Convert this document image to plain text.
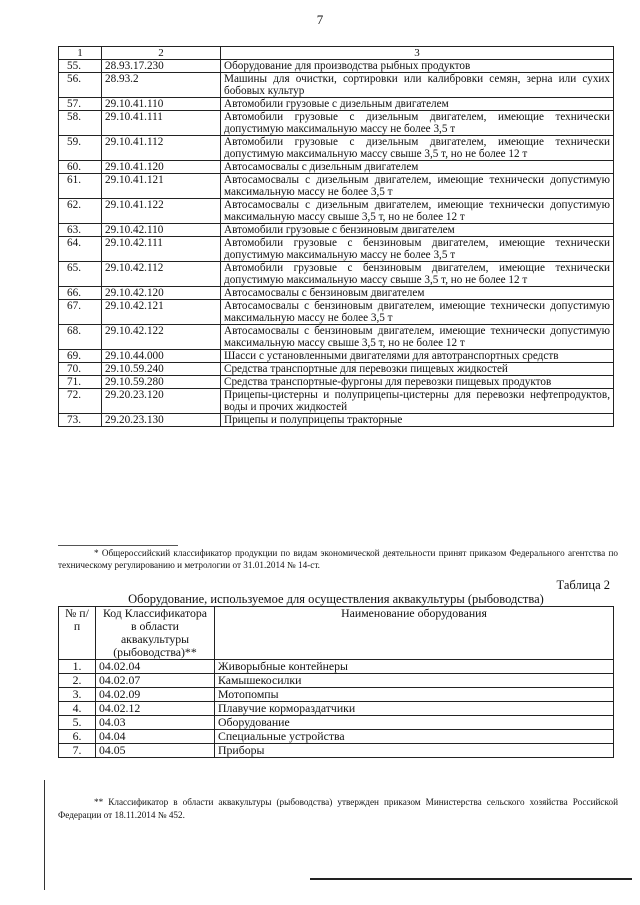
7
1	2	3
55.	28.93.17.230	Оборудование для производства рыбных продуктов
56.	28.93.2	Машины для очистки, сортировки или калибровки семян, зерна или сухих бобовых культур
57.	29.10.41.110	Автомобили грузовые с дизельным двигателем
58.	29.10.41.111	Автомобили грузовые с дизельным двигателем, имеющие технически допустимую максимальную массу не более 3,5 т
59.	29.10.41.112	Автомобили грузовые с дизельным двигателем, имеющие технически допустимую максимальную массу свыше 3,5 т, но не более 12 т
60.	29.10.41.120	Автосамосвалы с дизельным двигателем
61.	29.10.41.121	Автосамосвалы с дизельным двигателем, имеющие технически допустимую максимальную массу не более 3,5 т
62.	29.10.41.122	Автосамосвалы с дизельным двигателем, имеющие технически допустимую максимальную массу свыше 3,5 т, но не более 12 т
63.	29.10.42.110	Автомобили грузовые с бензиновым двигателем
64.	29.10.42.111	Автомобили грузовые с бензиновым двигателем, имеющие технически допустимую максимальную массу не более 3,5 т
65.	29.10.42.112	Автомобили грузовые с бензиновым двигателем, имеющие технически допустимую максимальную массу свыше 3,5 т, но не более 12 т
66.	29.10.42.120	Автосамосвалы с бензиновым двигателем
67.	29.10.42.121	Автосамосвалы с бензиновым двигателем, имеющие технически допустимую максимальную массу не более 3,5 т
68.	29.10.42.122	Автосамосвалы с бензиновым двигателем, имеющие технически допустимую максимальную массу свыше 3,5 т, но не более 12 т
69.	29.10.44.000	Шасси с установленными двигателями для автотранспортных средств
70.	29.10.59.240	Средства транспортные для перевозки пищевых жидкостей
71.	29.10.59.280	Средства транспортные-фургоны для перевозки пищевых продуктов
72.	29.20.23.120	Прицепы-цистерны и полуприцепы-цистерны для перевозки нефтепродуктов, воды и прочих жидкостей
73.	29.20.23.130	Прицепы и полуприцепы тракторные
* Общероссийский классификатор продукции по видам экономической деятельности принят приказом Федерального агентства по техническому регулированию и метрологии от 31.01.2014 № 14-ст.
Таблица 2
Оборудование, используемое для осуществления аквакультуры (рыбоводства)
№ п/п	Код Классификатора в области аквакультуры (рыбоводства)**	Наименование оборудования
1.	04.02.04	Живорыбные контейнеры
2.	04.02.07	Камышекосилки
3.	04.02.09	Мотопомпы
4.	04.02.12	Плавучие кормораздатчики
5.	04.03	Оборудование
6.	04.04	Специальные устройства
7.	04.05	Приборы
** Классификатор в области аквакультуры (рыбоводства) утвержден приказом Министерства сельского хозяйства Российской Федерации от 18.11.2014 № 452.
